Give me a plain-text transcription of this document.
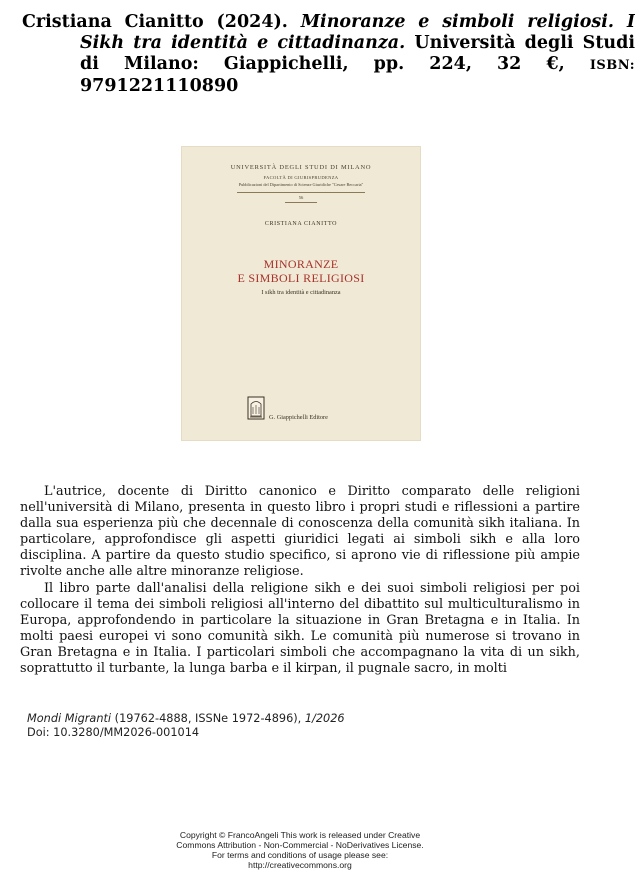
Cristiana Cianitto (2024). Minoranze e simboli religiosi. I Sikh tra identità e cittadinanza. Università degli Studi di Milano: Giappichelli, pp. 224, 32 €, ISBN: 9791221110890
UNIVERSITÀ DEGLI STUDI DI MILANO
FACOLTÀ DI GIURISPRUDENZA
Pubblicazioni del Dipartimento di Scienze Giuridiche "Cesare Beccaria"
56
CRISTIANA CIANITTO
MINORANZE
E SIMBOLI RELIGIOSI
I sikh tra identità e cittadinanza
G. Giappichelli Editore

L'autrice, docente di Diritto canonico e Diritto comparato delle religioni nell'università di Milano, presenta in questo libro i propri studi e riflessioni a partire dalla sua esperienza più che decennale di conoscenza della comunità sikh italiana. In particolare, approfondisce gli aspetti giuridici legati ai simboli sikh e alla loro disciplina. A partire da questo studio specifico, si aprono vie di riflessione più ampie rivolte anche alle altre minoranze religiose.

Il libro parte dall'analisi della religione sikh e dei suoi simboli religiosi per poi collocare il tema dei simboli religiosi all'interno del dibattito sul multiculturalismo in Europa, approfondendo in particolare la situazione in Gran Bretagna e in Italia. In molti paesi europei vi sono comunità sikh. Le comunità più numerose si trovano in Gran Bretagna e in Italia. I particolari simboli che accompagnano la vita di un sikh, soprattutto il turbante, la lunga barba e il kirpan, il pugnale sacro, in molti

Mondi Migranti (19762-4888, ISSNe 1972-4896), 1/2026
Doi: 10.3280/MM2026-001014
Copyright © FrancoAngeli This work is released under Creative
Commons Attribution - Non-Commercial - NoDerivatives License.
For terms and conditions of usage please see:
http://creativecommons.org
